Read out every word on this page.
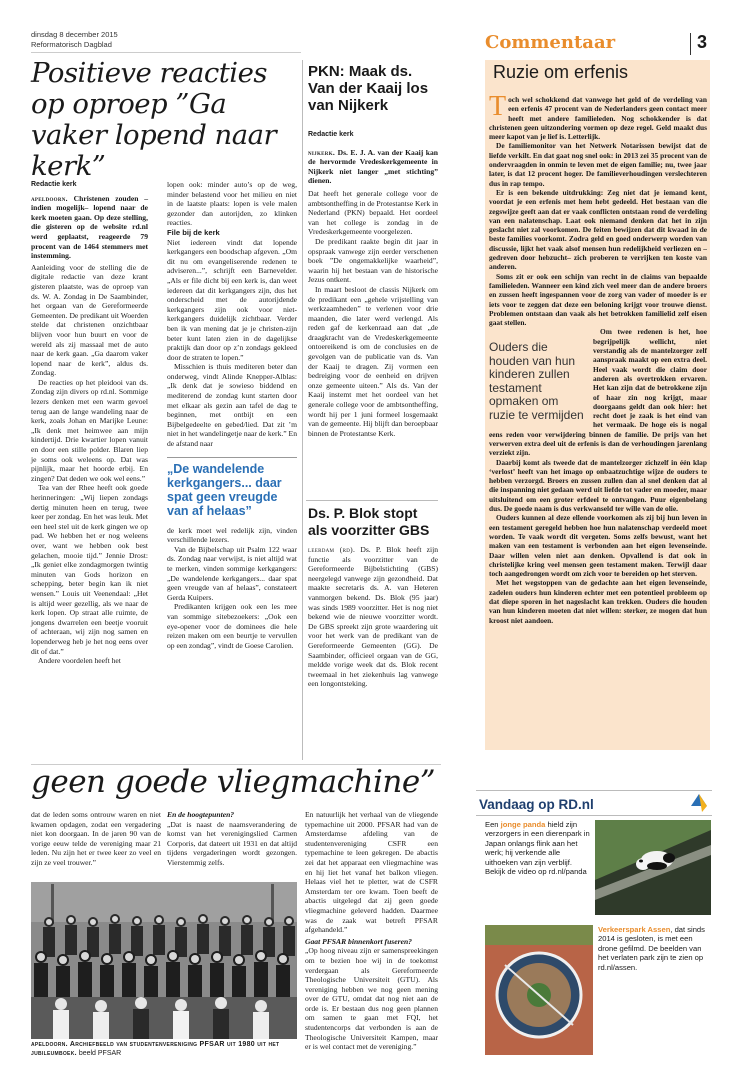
dinsdag 8 december 2015
Reformatorisch Dagblad	Commentaar	3
Positieve reacties op oproep ”Ga vaker lopend naar kerk”
Redactie kerk

apeldoorn. Christenen zouden –indien mogelijk– lopend naar de kerk moeten gaan. Op deze stelling, die gisteren op de website rd.nl werd geplaatst, reageerde 79 procent van de 1464 stemmers met instemming.

Aanleiding voor de stelling die de digitale redactie van deze krant gisteren plaatste, was de oproep van ds. W. A. Zondag in De Saambinder, het orgaan van de Gereformeerde Gemeenten. De predikant uit Woerden stelde dat christenen onzichtbaar blijven voor hun buurt en voor de wereld als zij massaal met de auto naar de kerk gaan. „Ga daarom vaker lopend naar de kerk”, aldus ds. Zondag.

De reacties op het pleidooi van ds. Zondag zijn divers op rd.nl. Sommige lezers denken met een warm gevoel terug aan de lange wandeling naar de kerk, zoals Johan en Marijke Leune: „Ik denk met heimwee aan mijn kindertijd. Drie kwartier lopen vanuit en door een stille polder. Blaren liep je soms ook weleens op. Dat was pijnlijk, maar het hoorde erbij. En zingen? Dat deden we ook wel eens.”

Tea van der Rhee heeft ook goede herinneringen: „Wij liepen zondags dertig minuten heen en terug, twee keer per zondag. En het was leuk. Met een heel stel uit de kerk gingen we op pad. We hebben het er nog weleens over, want we hebben ook best gelachen, mooie tijd.” Jennie Drost: „Ik geniet elke zondagmorgen twintig minuten van Gods horizon en schepping, beter begin kan ik niet wensen.” Louis uit Veenendaal: „Het is altijd weer gezellig, als we naar de kerk lopen. Op straat alle ruimte, de jongens dwarrelen een beetje vooruit of achteraan, wij zijn nog samen en lopenderweg heb je het nog eens over dit of dat.”

Andere voordelen heeft het

lopen ook: minder auto’s op de weg, minder belastend voor het milieu en niet in de laatste plaats: lopen is vele malen gezonder dan autorijden, zo klinken reacties.

File bij de kerk

Niet iedereen vindt dat lopende kerkgangers een boodschap afgeven. „Om dit nu om evangeliserende redenen te adviseren...”, schrijft een Barnevelder. „Als er file dicht bij een kerk is, dan weet iedereen dat dit kerkgangers zijn, dus het onderscheid met de autorijdende kerkgangers zijn ook voor niet-kerkgangers duidelijk zichtbaar. Verder ben ik van mening dat je je christen-zijn beter kunt laten zien in de dagelijkse praktijk dan door op z’n zondags gekleed door de straten te lopen.”

Misschien is thuis mediteren beter dan onderweg, vindt Alinde Knepper-Alblas: „Ik denk dat je sowieso biddend en mediterend de zondag kunt starten door met elkaar als gezin aan tafel de dag te beginnen, met ontbijt en een Bijbelgedeelte en gebed/lied. Dat zit ’m niet in het wandelingetje naar de kerk.” En de afstand naar

„De wandelende kerkgangers... daar spat geen vreugde van af helaas”

de kerk moet wel redelijk zijn, vinden verschillende lezers.

Van de Bijbelschap uit Psalm 122 waar ds. Zondag naar verwijst, is niet altijd wat te merken, vinden sommige kerkgangers: „De wandelende kerkgangers... daar spat geen vreugde van af helaas”, constateert Gerda Kuipers.

Predikanten krijgen ook een les mee van sommige sitebezoekers: „Ook een eye-opener voor de dominees die hele reizen maken om een beurtje te vervullen op een zondag”, vindt de Goese Carolien.

PKN: Maak ds. Van der Kaaij los van Nijkerk
Redactie kerk

nijkerk. Ds. E. J. A. van der Kaaij kan de hervormde Vredeskerkgemeente in Nijkerk niet langer „met stichting” dienen.

Dat heeft het generale college voor de ambtsontheffing in de Protestantse Kerk in Nederland (PKN) bepaald. Het oordeel van het college is zondag in de Vredeskerkgemeente voorgelezen.

De predikant raakte begin dit jaar in opspraak vanwege zijn eerder verschenen boek ”De ongemakkelijke waarheid”, waarin hij het bestaan van de historische Jezus ontkent.

In maart besloot de classis Nijkerk om de predikant een „gehele vrijstelling van werkzaamheden” te verlenen voor drie maanden, die later werd verlengd. Als reden gaf de kerkenraad aan dat „de draagkracht van de Vredeskerkgemeente ontoereikend is om de conclusies en de gevolgen van de publicatie van ds. Van der Kaaij te dragen. Zij vormen een bedreiging voor de eenheid en drijven onze gemeente uiteen.” Als ds. Van der Kaaij instemt met het oordeel van het generale college voor de ambtsontheffing, wordt hij per 1 juni formeel losgemaakt van de gemeente. Hij blijft dan beroepbaar binnen de Protestantse Kerk.

Ds. P. Blok stopt als voorzitter GBS

leerdam (rd). Ds. P. Blok heeft zijn functie als voorzitter van de Gereformeerde Bijbelstichting (GBS) neergelegd vanwege zijn gezondheid. Dat maakte secretaris ds. A. van Heteren vanmorgen bekend. Ds. Blok (95 jaar) was sinds 1989 voorzitter. Het is nog niet bekend wie de nieuwe voorzitter wordt. De GBS spreekt zijn grote waardering uit voor het werk van de predikant van de Gereformeerde Gemeenten (GG). De Saambinder, officieel orgaan van de GG, meldde vorige week dat ds. Blok recent tweemaal in het ziekenhuis lag vanwege een longontsteking.

Ruzie om erfenis
T och wel schokkend dat vanwege het geld of de verdeling van een erfenis 47 procent van de Nederlanders geen contact meer heeft met andere familieleden. Nog schokkender is dat christenen geen uitzondering vormen op deze regel. Geld maakt dus meer kapot van je lief is. Letterlijk.

De familiemonitor van het Netwerk Notarissen bewijst dat de liefde verkilt. En dat gaat nog snel ook: in 2013 zei 35 procent van de ondervraagden in onmin te leven met de eigen familie; nu, twee jaar later, is dat 12 procent hoger. De familieverhoudingen verslechteren dus in rap tempo.

Er is een bekende uitdrukking: Zeg niet dat je iemand kent, voordat je een erfenis met hem hebt gedeeld. Het bestaan van die zegswijze geeft aan dat er vaak conflicten ontstaan rond de verdeling van een nalatenschap. Laat ook niemand denken dat het in zijn geslacht niet zal voorkomen. De feiten bewijzen dat dit kwaad in de beste families voorkomt. Zodra geld en goed onderwerp worden van discussie, lijkt het vaak alsof mensen hun redelijkheid verliezen en –gedreven door hebzucht– zich proberen te verrijken ten koste van anderen.

Soms zit er ook een schijn van recht in de claims van bepaalde familieleden. Wanneer een kind zich veel meer dan de andere broers en zussen heeft ingespannen voor de zorg van vader of moeder is er iets voor te zeggen dat deze een beloning krijgt voor trouwe dienst. Problemen ontstaan dan vaak als het betrokken familielid zelf eisen gaat stellen.

Ouders die houden van hun kinderen zullen testament opmaken om ruzie te vermijden

Om twee redenen is het, hoe begrijpelijk wellicht, niet verstandig als de mantelzorger zelf aanspraak maakt op een extra deel. Heel vaak wordt die claim door anderen als overtrokken ervaren. Het kan zijn dat de betrokkene zijn of haar zin nog krijgt, maar doorgaans geldt dan ook hier: het recht doet je zaak is het eind van het vermaak. De hoge eis is nogal eens reden voor verwijdering binnen de familie. De prijs van het verwerven extra deel uit de erfenis is dan de verhoudingen jarenlang verziekt zijn.

Daarbij komt als tweede dat de mantelzorger zichzelf in één klap ‘verlost’ heeft van het imago op onbaatzuchtige wijze de ouders te hebben verzorgd. Broers en zussen zullen dan al snel denken dat al die inspanning niet gedaan werd uit liefde tot vader en moeder, maar uitsluitend om een groter erfdeel te ontvangen. Puur eigenbelang dus. De goede naam is dus verkwanseld ter wille van de olie.

Ouders kunnen al deze ellende voorkomen als zij bij hun leven in een testament geregeld hebben hoe hun nalatenschap verdeeld moet worden. Te vaak wordt dit vergeten. Soms zelfs bewust, want het maken van een testament is verbonden aan het eigen levenseinde. Daar willen velen niet aan denken. Opvallend is dat ook in christelijke kring veel mensen geen testament maken. Terwijl daar toch aangedrongen wordt om zich voor te bereiden op het sterven.

Met het wegstoppen van de gedachte aan het eigen levenseinde, zadelen ouders hun kinderen echter met een potentieel probleem op dat diepe sporen in het nageslacht kan trekken. Ouders die houden van hun kinderen moeten dat niet willen: sterker, ze mogen dat hun kroost niet aandoen.

geen goede vliegmachine”

dat de leden soms ontrouw waren en niet kwamen opdagen, zodat een vergadering niet kon doorgaan. In de jaren 90 van de vorige eeuw telde de vereniging maar 21 leden. Nu zijn het er twee keer zo veel en zijn ze veel trouwer.”

En de hoogtepunten?

„Dat is naast de naamsverandering de komst van het verenigingslied Carmen Corporis, dat dateert uit 1931 en dat altijd tijdens vergaderingen wordt gezongen. Vierstemmig zelfs.

apeldoorn. Archiefbeeld van studentenvereniging PFSAR uit 1980 uit het jubileumboek. beeld PFSAR

En natuurlijk het verhaal van de vliegende typemachine uit 2000. PFSAR had van de Amsterdamse afdeling van de studentenvereniging CSFR een typemachine te leen gekregen. De abactis zei dat het apparaat een vliegmachine was en hij liet het vanaf het balkon vliegen. Helaas viel het te pletter, wat de CSFR Amsterdam ter ore kwam. Toen beeft de abactis uitgelegd dat zij geen goede vliegmachine geleverd hadden. Daarmee was de zaak wat betreft PFSAR afgehandeld.”

Gaat PFSAR binnenkort fuseren?

„Op hoog niveau zijn er samenspreekingen om te bezien hoe wij in de toekomst verdergaan als Gereformeerde Theologische Universiteit (GTU). Als vereniging hebben we nog geen mening over de GTU, omdat dat nog niet aan de orde is. Er bestaan dus nog geen plannen om samen te gaan met FQI, het studentencorps dat verbonden is aan de Theologische Universiteit Kampen, maar er is wel contact met de vereniging.”

Vandaag op RD.nl
Een jonge panda hield zijn verzorgers in een dierenpark in Japan onlangs flink aan het werk; hij verkende alle uithoeken van zijn verblijf. Bekijk de video op rd.nl/panda
Verkeerspark Assen, dat sinds 2014 is gesloten, is met een drone gefilmd. De beelden van het verlaten park zijn te zien op rd.nl/assen.
